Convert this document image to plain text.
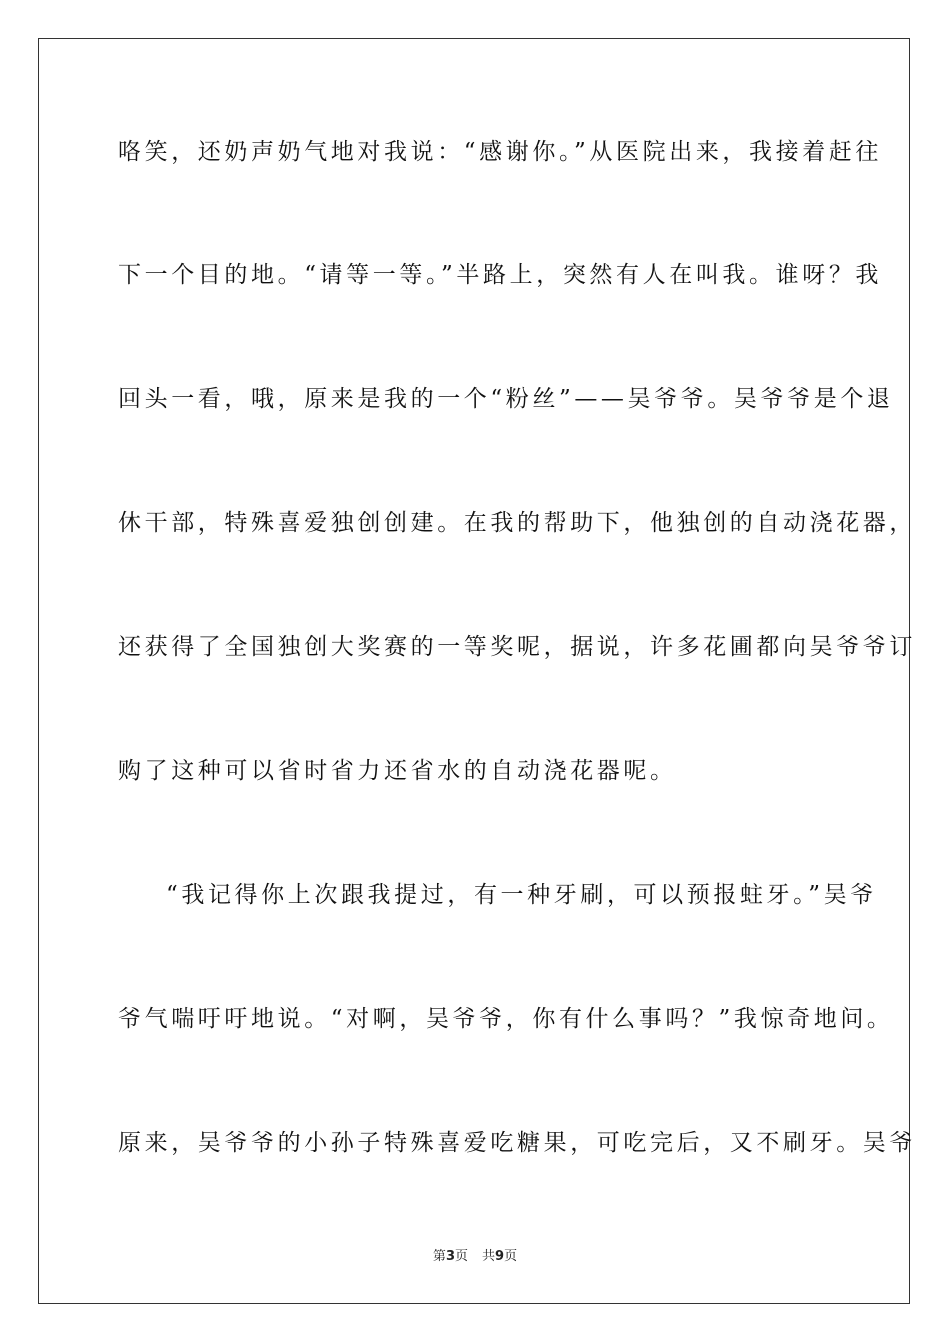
咯笑，还奶声奶气地对我说：“感谢你。”从医院出来，我接着赶往
下一个目的地。“请等一等。”半路上，突然有人在叫我。谁呀？我
回头一看，哦，原来是我的一个“粉丝”——吴爷爷。吴爷爷是个退
休干部，特殊喜爱独创创建。在我的帮助下，他独创的自动浇花器，
还获得了全国独创大奖赛的一等奖呢，据说，许多花圃都向吴爷爷订
购了这种可以省时省力还省水的自动浇花器呢。
“我记得你上次跟我提过，有一种牙刷，可以预报蛀牙。”吴爷
爷气喘吁吁地说。“对啊，吴爷爷，你有什么事吗？”我惊奇地问。
原来，吴爷爷的小孙子特殊喜爱吃糖果，可吃完后，又不刷牙。吴爷
第3页 共9页
